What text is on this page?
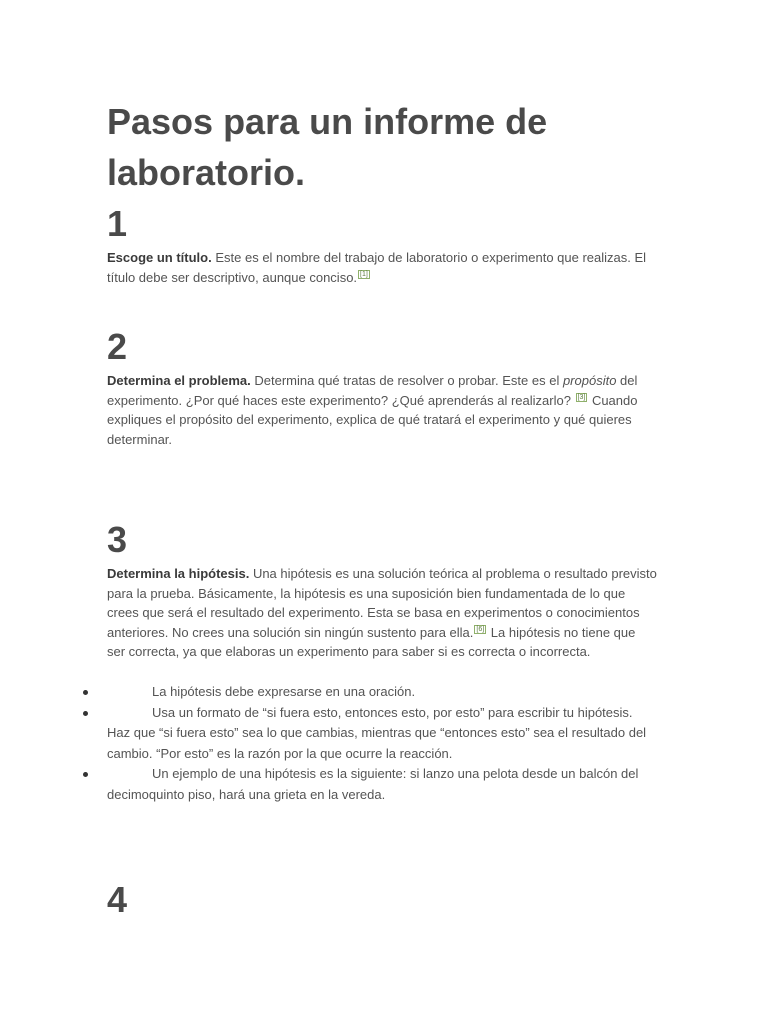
Pasos para un informe de laboratorio.
1

Escoge un título. Este es el nombre del trabajo de laboratorio o experimento que realizas. El título debe ser descriptivo, aunque conciso. [1]

2

Determina el problema. Determina qué tratas de resolver o probar. Este es el propósito del experimento. ¿Por qué haces este experimento? ¿Qué aprenderás al realizarlo? [3] Cuando expliques el propósito del experimento, explica de qué tratará el experimento y qué quieres determinar.

3

Determina la hipótesis. Una hipótesis es una solución teórica al problema o resultado previsto para la prueba. Básicamente, la hipótesis es una suposición bien fundamentada de lo que crees que será el resultado del experimento. Esta se basa en experimentos o conocimientos anteriores. No crees una solución sin ningún sustento para ella. [6] La hipótesis no tiene que ser correcta, ya que elaboras un experimento para saber si es correcta o incorrecta.

La hipótesis debe expresarse en una oración.
Usa un formato de “si fuera esto, entonces esto, por esto” para escribir tu hipótesis. Haz que “si fuera esto” sea lo que cambias, mientras que “entonces esto” sea el resultado del cambio. “Por esto” es la razón por la que ocurre la reacción.
Un ejemplo de una hipótesis es la siguiente: si lanzo una pelota desde un balcón del decimoquinto piso, hará una grieta en la vereda.
4
